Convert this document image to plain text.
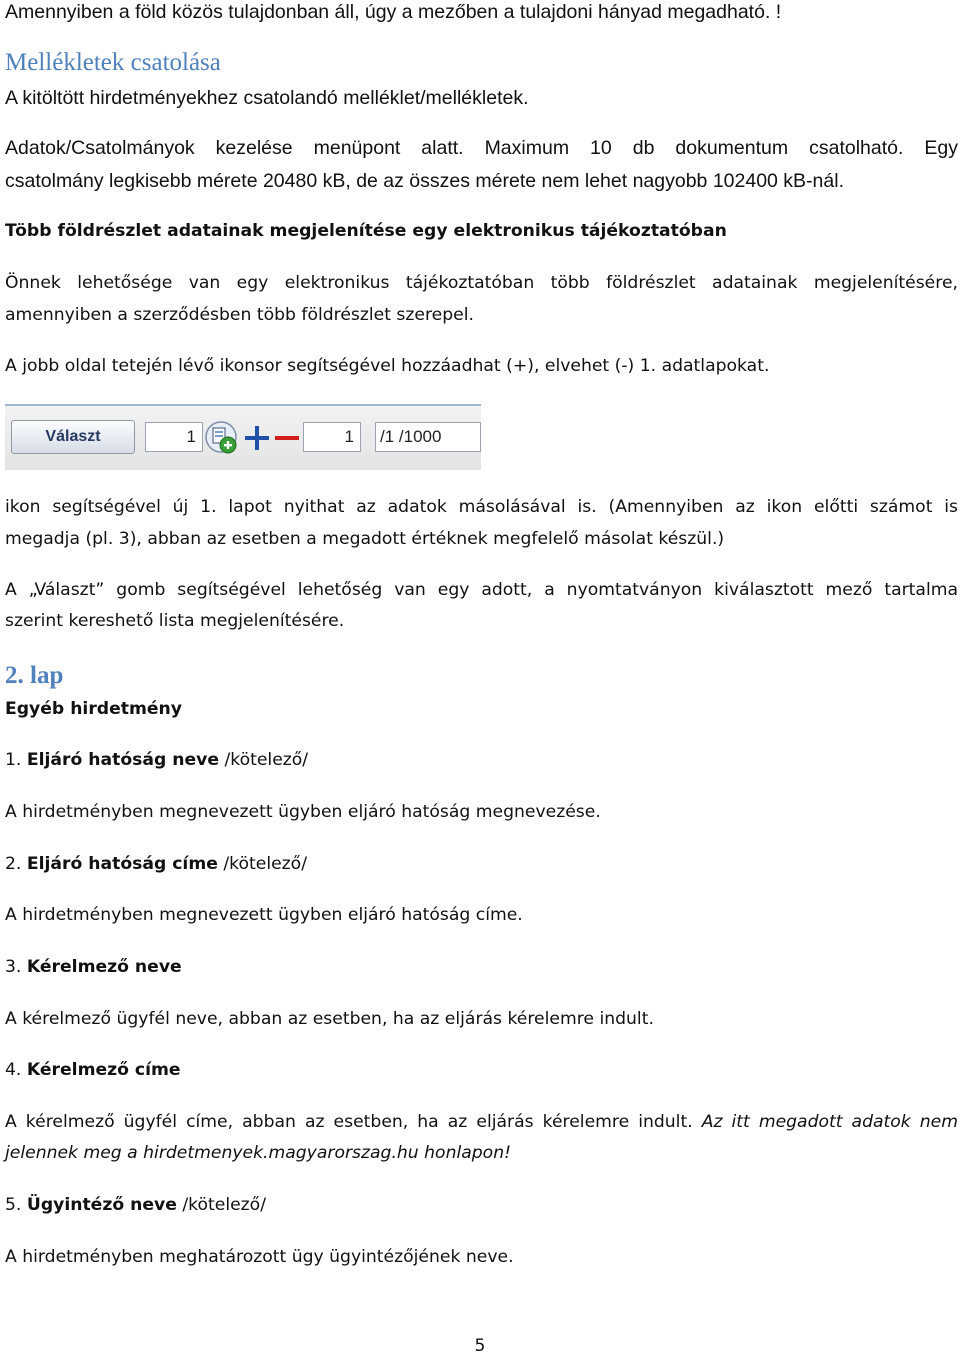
Amennyiben a föld közös tulajdonban áll, úgy a mezőben a tulajdoni hányad megadható. !
Mellékletek csatolása
A kitöltött hirdetményekhez csatolandó melléklet/mellékletek.
Adatok/Csatolmányok kezelése menüpont alatt. Maximum 10 db dokumentum csatolható. Egy
csatolmány legkisebb mérete 20480 kB, de az összes mérete nem lehet nagyobb 102400 kB-nál.
Több földrészlet adatainak megjelenítése egy elektronikus tájékoztatóban
Önnek lehetősége van egy elektronikus tájékoztatóban több földrészlet adatainak megjelenítésére,
amennyiben a szerződésben több földrészlet szerepel.
A jobb oldal tetején lévő ikonsor segítségével hozzáadhat (+), elvehet (-) 1. adatlapokat.
Választ	1	1	/1 /1000
ikon segítségével új 1. lapot nyithat az adatok másolásával is. (Amennyiben az ikon előtti számot is
megadja (pl. 3), abban az esetben a megadott értéknek megfelelő másolat készül.)
A „Választ” gomb segítségével lehetőség van egy adott, a nyomtatványon kiválasztott mező tartalma
szerint kereshető lista megjelenítésére.
2. lap
Egyéb hirdetmény
1. Eljáró hatóság neve /kötelező/
A hirdetményben megnevezett ügyben eljáró hatóság megnevezése.
2. Eljáró hatóság címe /kötelező/
A hirdetményben megnevezett ügyben eljáró hatóság címe.
3. Kérelmező neve
A kérelmező ügyfél neve, abban az esetben, ha az eljárás kérelemre indult.
4. Kérelmező címe
A kérelmező ügyfél címe, abban az esetben, ha az eljárás kérelemre indult. Az itt megadott adatok nem
jelennek meg a hirdetmenyek.magyarorszag.hu honlapon!
5. Ügyintéző neve /kötelező/
A hirdetményben meghatározott ügy ügyintézőjének neve.
5
